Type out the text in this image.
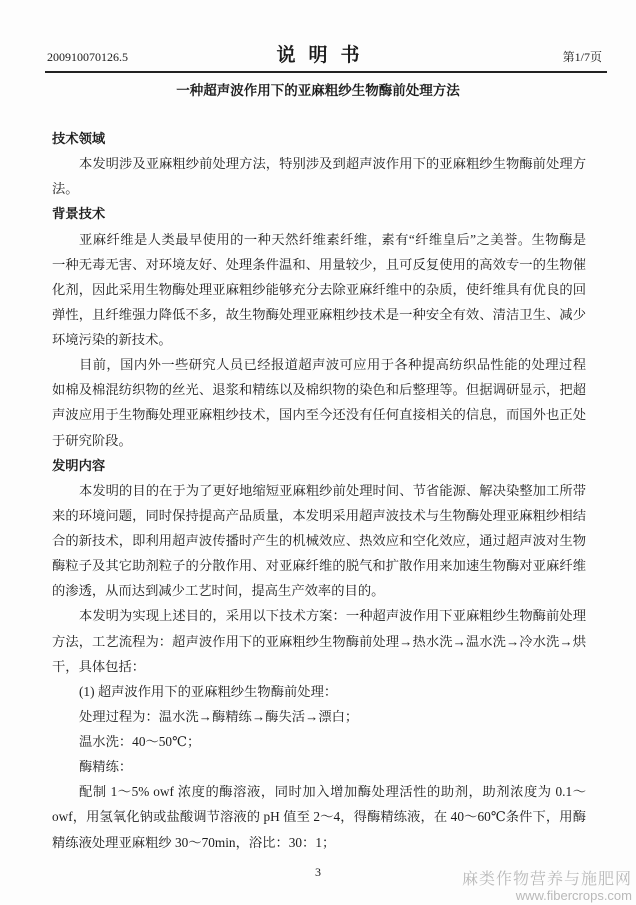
200910070126.5	说明书	第1/7页
一种超声波作用下的亚麻粗纱生物酶前处理方法
技术领域
本发明涉及亚麻粗纱前处理方法，特别涉及到超声波作用下的亚麻粗纱生物酶前处理方
法。
背景技术
亚麻纤维是人类最早使用的一种天然纤维素纤维，素有“纤维皇后”之美誉。生物酶是
一种无毒无害、对环境友好、处理条件温和、用量较少，且可反复使用的高效专一的生物催
化剂，因此采用生物酶处理亚麻粗纱能够充分去除亚麻纤维中的杂质，使纤维具有优良的回
弹性，且纤维强力降低不多，故生物酶处理亚麻粗纱技术是一种安全有效、清洁卫生、减少
环境污染的新技术。
目前，国内外一些研究人员已经报道超声波可应用于各种提高纺织品性能的处理过程
如棉及棉混纺织物的丝光、退浆和精练以及棉织物的染色和后整理等。但据调研显示，把超
声波应用于生物酶处理亚麻粗纱技术，国内至今还没有任何直接相关的信息，而国外也正处
于研究阶段。
发明内容
本发明的目的在于为了更好地缩短亚麻粗纱前处理时间、节省能源、解决染整加工所带
来的环境问题，同时保持提高产品质量，本发明采用超声波技术与生物酶处理亚麻粗纱相结
合的新技术，即利用超声波传播时产生的机械效应、热效应和空化效应，通过超声波对生物
酶粒子及其它助剂粒子的分散作用、对亚麻纤维的脱气和扩散作用来加速生物酶对亚麻纤维
的渗透，从而达到减少工艺时间，提高生产效率的目的。
本发明为实现上述目的，采用以下技术方案：一种超声波作用下亚麻粗纱生物酶前处理
方法，工艺流程为：超声波作用下的亚麻粗纱生物酶前处理→热水洗→温水洗→冷水洗→烘
干，具体包括：
(1) 超声波作用下的亚麻粗纱生物酶前处理：
处理过程为：温水洗→酶精练→酶失活→漂白；
温水洗：40～50℃；
酶精练：
配制 1～5% owf 浓度的酶溶液，同时加入增加酶处理活性的助剂，助剂浓度为 0.1～
owf，用氢氧化钠或盐酸调节溶液的 pH 值至 2～4，得酶精练液，在 40～60℃条件下，用酶
精练液处理亚麻粗纱 30～70min，浴比：30：1；
3	麻类作物营养与施肥网
www.fibercrops.com
